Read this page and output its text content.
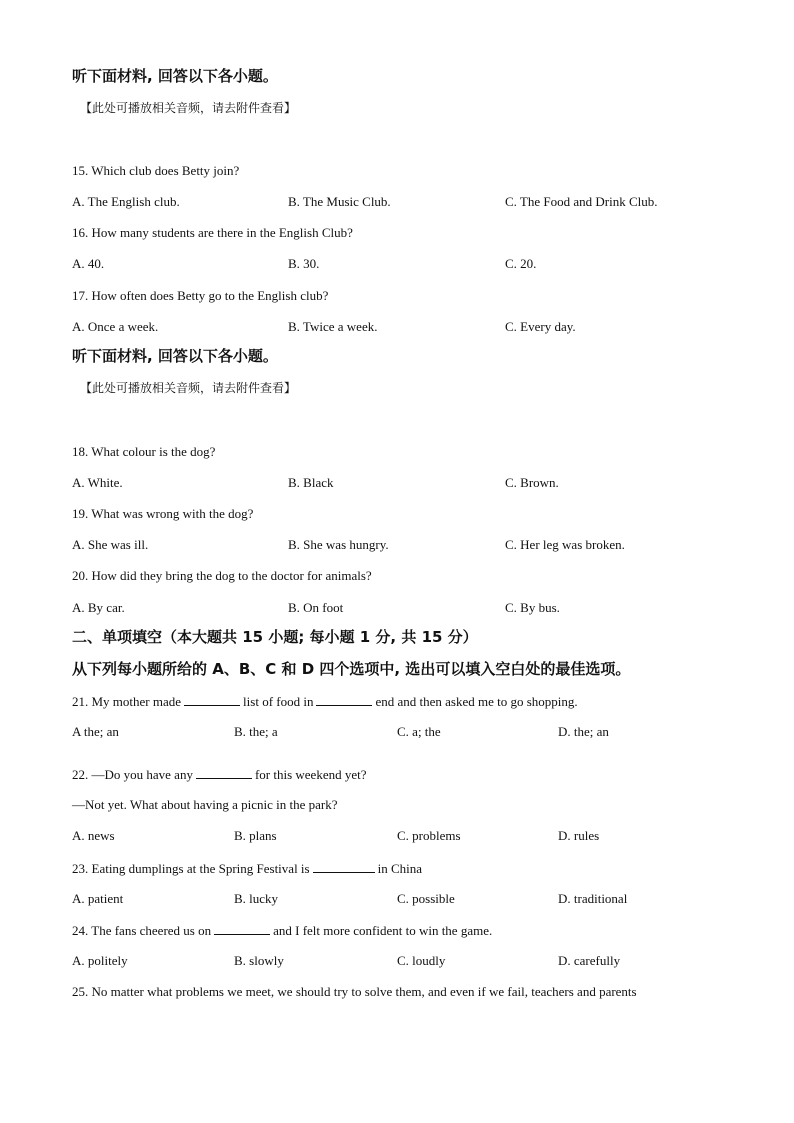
听下面材料, 回答以下各小题。
【此处可播放相关音频，请去附件查看】
15. Which club does Betty join?
A. The English club.	B. The Music Club.	C. The Food and Drink Club.
16. How many students are there in the English Club?
A. 40.	B. 30.	C. 20.
17. How often does Betty go to the English club?
A. Once a week.	B. Twice a week.	C. Every day.
听下面材料, 回答以下各小题。
【此处可播放相关音频，请去附件查看】
18. What colour is the dog?
A. White.	B. Black	C. Brown.
19. What was wrong with the dog?
A. She was ill.	B. She was hungry.	C. Her leg was broken.
20. How did they bring the dog to the doctor for animals?
A. By car.	B. On foot	C. By bus.
二、单项填空（本大题共 15 小题; 每小题 1 分, 共 15 分）
从下列每小题所给的 A、B、C 和 D 四个选项中, 选出可以填入空白处的最佳选项。
21. My mother made	list of food in	end and then asked me to go shopping.
A the; an	B. the; a	C. a; the	D. the; an
22. —Do you have any	for this weekend yet?
—Not yet. What about having a picnic in the park?
A. news	B. plans	C. problems	D. rules
23. Eating dumplings at the Spring Festival is	in China
A. patient	B. lucky	C. possible	D. traditional
24. The fans cheered us on	and I felt more confident to win the game.
A. politely	B. slowly	C. loudly	D. carefully
25. No matter what problems we meet, we should try to solve them, and even if we fail, teachers and parents
